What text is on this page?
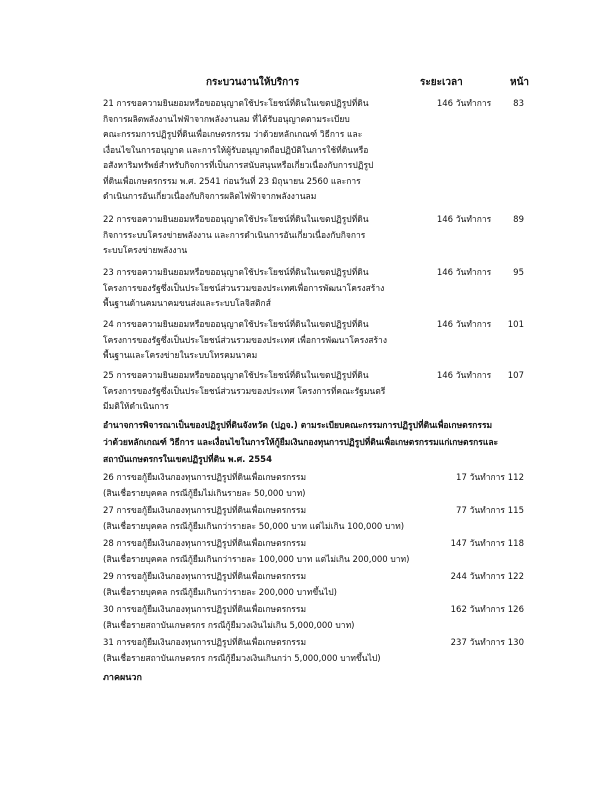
กระบวนงานให้บริการ	ระยะเวลา	หน้า
21 การขอความยินยอมหรือขออนุญาตใช้ประโยชน์ที่ดินในเขตปฏิรูปที่ดิน
กิจการผลิตพลังงานไฟฟ้าจากพลังงานลม ที่ได้รับอนุญาตตามระเบียบ
คณะกรรมการปฏิรูปที่ดินเพื่อเกษตรกรรม ว่าด้วยหลักเกณฑ์ วิธีการ และ
เงื่อนไขในการอนุญาต และการให้ผู้รับอนุญาตถือปฏิบัติในการใช้ที่ดินหรือ
อสังหาริมทรัพย์สำหรับกิจการที่เป็นการสนับสนุนหรือเกี่ยวเนื่องกับการปฏิรูป
ที่ดินเพื่อเกษตรกรรม พ.ศ. 2541 ก่อนวันที่ 23 มิถุนายน 2560 และการ
ดำเนินการอันเกี่ยวเนื่องกับกิจการผลิตไฟฟ้าจากพลังงานลม
146 วันทำการ	83
22 การขอความยินยอมหรือขออนุญาตใช้ประโยชน์ที่ดินในเขตปฏิรูปที่ดิน
กิจการระบบโครงข่ายพลังงาน และการดำเนินการอันเกี่ยวเนื่องกับกิจการ
ระบบโครงข่ายพลังงาน
146 วันทำการ	89
23 การขอความยินยอมหรือขออนุญาตใช้ประโยชน์ที่ดินในเขตปฏิรูปที่ดิน
โครงการของรัฐซึ่งเป็นประโยชน์ส่วนรวมของประเทศเพื่อการพัฒนาโครงสร้าง
พื้นฐานด้านคมนาคมขนส่งและระบบโลจิสติกส์
146 วันทำการ	95
24 การขอความยินยอมหรือขออนุญาตใช้ประโยชน์ที่ดินในเขตปฏิรูปที่ดิน
โครงการของรัฐซึ่งเป็นประโยชน์ส่วนรวมของประเทศ เพื่อการพัฒนาโครงสร้าง
พื้นฐานและโครงข่ายในระบบโทรคมนาคม
146 วันทำการ	101
25 การขอความยินยอมหรือขออนุญาตใช้ประโยชน์ที่ดินในเขตปฏิรูปที่ดิน
โครงการของรัฐซึ่งเป็นประโยชน์ส่วนรวมของประเทศ โครงการที่คณะรัฐมนตรี
มีมติให้ดำเนินการ
146 วันทำการ	107
อำนาจการพิจารณาเป็นของปฏิรูปที่ดินจังหวัด (ปฏจ.) ตามระเบียบคณะกรรมการปฏิรูปที่ดินเพื่อเกษตรกรรม
ว่าด้วยหลักเกณฑ์ วิธีการ และเงื่อนไขในการให้กู้ยืมเงินกองทุนการปฏิรูปที่ดินเพื่อเกษตรกรรมแก่เกษตรกรและ
สถาบันเกษตรกรในเขตปฏิรูปที่ดิน พ.ศ. 2554
26 การขอกู้ยืมเงินกองทุนการปฏิรูปที่ดินเพื่อเกษตรกรรม
(สินเชื่อรายบุคคล กรณีกู้ยืมไม่เกินรายละ 50,000 บาท)
17 วันทำการ 112
27 การขอกู้ยืมเงินกองทุนการปฏิรูปที่ดินเพื่อเกษตรกรรม
(สินเชื่อรายบุคคล กรณีกู้ยืมเกินกว่ารายละ 50,000 บาท แต่ไม่เกิน 100,000 บาท)
77 วันทำการ 115
28 การขอกู้ยืมเงินกองทุนการปฏิรูปที่ดินเพื่อเกษตรกรรม
(สินเชื่อรายบุคคล กรณีกู้ยืมเกินกว่ารายละ 100,000 บาท แต่ไม่เกิน 200,000 บาท)
147 วันทำการ 118
29 การขอกู้ยืมเงินกองทุนการปฏิรูปที่ดินเพื่อเกษตรกรรม
(สินเชื่อรายบุคคล กรณีกู้ยืมเกินกว่ารายละ 200,000 บาทขึ้นไป)
244 วันทำการ 122
30 การขอกู้ยืมเงินกองทุนการปฏิรูปที่ดินเพื่อเกษตรกรรม
(สินเชื่อรายสถาบันเกษตรกร กรณีกู้ยืมวงเงินไม่เกิน 5,000,000 บาท)
162 วันทำการ 126
31 การขอกู้ยืมเงินกองทุนการปฏิรูปที่ดินเพื่อเกษตรกรรม
(สินเชื่อรายสถาบันเกษตรกร กรณีกู้ยืมวงเงินเกินกว่า 5,000,000 บาทขึ้นไป)
237 วันทำการ 130
ภาคผนวก
